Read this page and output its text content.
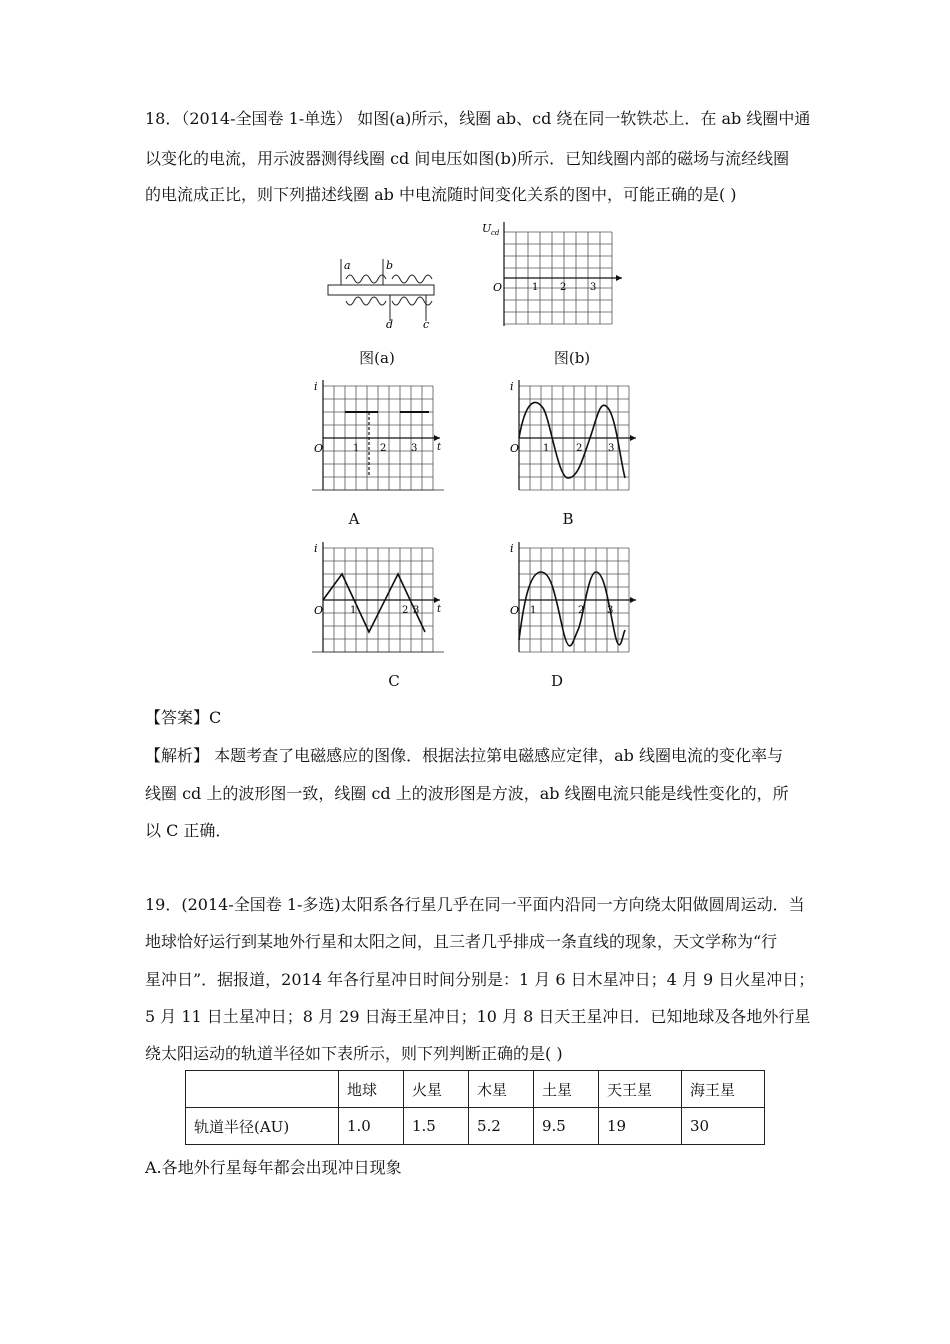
18．（2014-全国卷 1-单选） 如图(a)所示，线圈 ab、cd 绕在同一软铁芯上．在 ab 线圈中通
以变化的电流，用示波器测得线圈 cd 间电压如图(b)所示．已知线圈内部的磁场与流经线圈
的电流成正比，则下列描述线圈 ab 中电流随时间变化关系的图中，可能正确的是( )
a	b
d	c
图(a)
U cd
O	1 2 3
图(b)
i
O	t
1 2 3
A
i
O 1	2	3
B
i
O	t
1	2 3
C
i
O 1	2 3
D
【答案】C
【解析】 本题考查了电磁感应的图像．根据法拉第电磁感应定律，ab 线圈电流的变化率与
线圈 cd 上的波形图一致，线圈 cd 上的波形图是方波，ab 线圈电流只能是线性变化的，所
以 C 正确．
19．(2014-全国卷 1-多选)太阳系各行星几乎在同一平面内沿同一方向绕太阳做圆周运动．当
地球恰好运行到某地外行星和太阳之间，且三者几乎排成一条直线的现象，天文学称为“行
星冲日”．据报道，2014 年各行星冲日时间分别是：1 月 6 日木星冲日；4 月 9 日火星冲日；
5 月 11 日土星冲日；8 月 29 日海王星冲日；10 月 8 日天王星冲日．已知地球及各地外行星
绕太阳运动的轨道半径如下表所示，则下列判断正确的是( )
	地球	火星	木星	土星	天王星	海王星
轨道半径(AU)	1.0	1.5	5.2	9.5	19	30
A.各地外行星每年都会出现冲日现象
